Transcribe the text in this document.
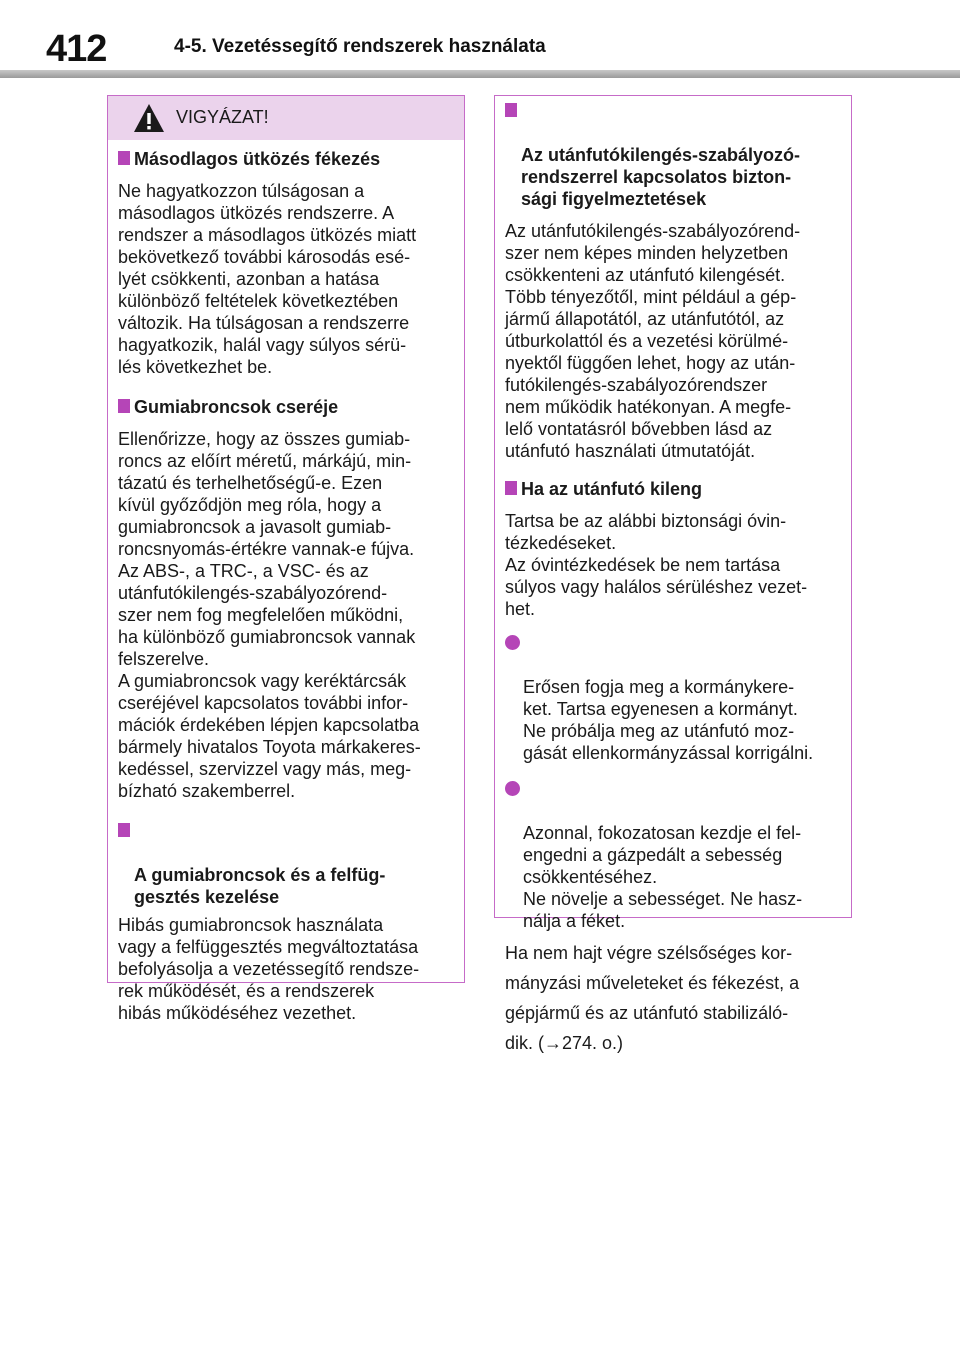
412	4-5. Vezetéssegítő rendszerek használata
VIGYÁZAT!
Másodlagos ütközés fékezés
Ne hagyatkozzon túlságosan a
másodlagos ütközés rendszerre. A
rendszer a másodlagos ütközés miatt
bekövetkező további károsodás esé-
lyét csökkenti, azonban a hatása
különböző feltételek következtében
változik. Ha túlságosan a rendszerre
hagyatkozik, halál vagy súlyos sérü-
lés következhet be.
Gumiabroncsok cseréje
Ellenőrizze, hogy az összes gumiab-
roncs az előírt méretű, márkájú, min-
tázatú és terhelhetőségű-e. Ezen
kívül győződjön meg róla, hogy a
gumiabroncsok a javasolt gumiab-
roncsnyomás-értékre vannak-e fújva.
Az ABS-, a TRC-, a VSC- és az
utánfutókilengés-szabályozórend-
szer nem fog megfelelően működni,
ha különböző gumiabroncsok vannak
felszerelve.
A gumiabroncsok vagy keréktárcsák
cseréjével kapcsolatos további infor-
mációk érdekében lépjen kapcsolatba
bármely hivatalos Toyota márkakeres-
kedéssel, szervizzel vagy más, meg-
bízható szakemberrel.

A gumiabroncsok és a felfüg-
gesztés kezelése

Hibás gumiabroncsok használata
vagy a felfüggesztés megváltoztatása
befolyásolja a vezetéssegítő rendsze-
rek működését, és a rendszerek
hibás működéséhez vezethet.

Az utánfutókilengés-szabályozó-
rendszerrel kapcsolatos bizton-
sági figyelmeztetések

Az utánfutókilengés-szabályozórend-
szer nem képes minden helyzetben
csökkenteni az utánfutó kilengését.
Több tényezőtől, mint például a gép-
jármű állapotától, az utánfutótól, az
útburkolattól és a vezetési körülmé-
nyektől függően lehet, hogy az után-
futókilengés-szabályozórendszer
nem működik hatékonyan. A megfe-
lelő vontatásról bővebben lásd az
utánfutó használati útmutatóját.
Ha az utánfutó kileng
Tartsa be az alábbi biztonsági óvin-
tézkedéseket.
Az óvintézkedések be nem tartása
súlyos vagy halálos sérüléshez vezet-
het.

Erősen fogja meg a kormánykere-
ket. Tartsa egyenesen a kormányt.
Ne próbálja meg az utánfutó moz-
gását ellenkormányzással korrigálni.

Azonnal, fokozatosan kezdje el fel-
engedni a gázpedált a sebesség
csökkentéséhez.
Ne növelje a sebességet. Ne hasz-
nálja a féket.

Ha nem hajt végre szélsőséges kor-
mányzási műveleteket és fékezést, a
gépjármű és az utánfutó stabilizáló-
dik. (→274. o.)
